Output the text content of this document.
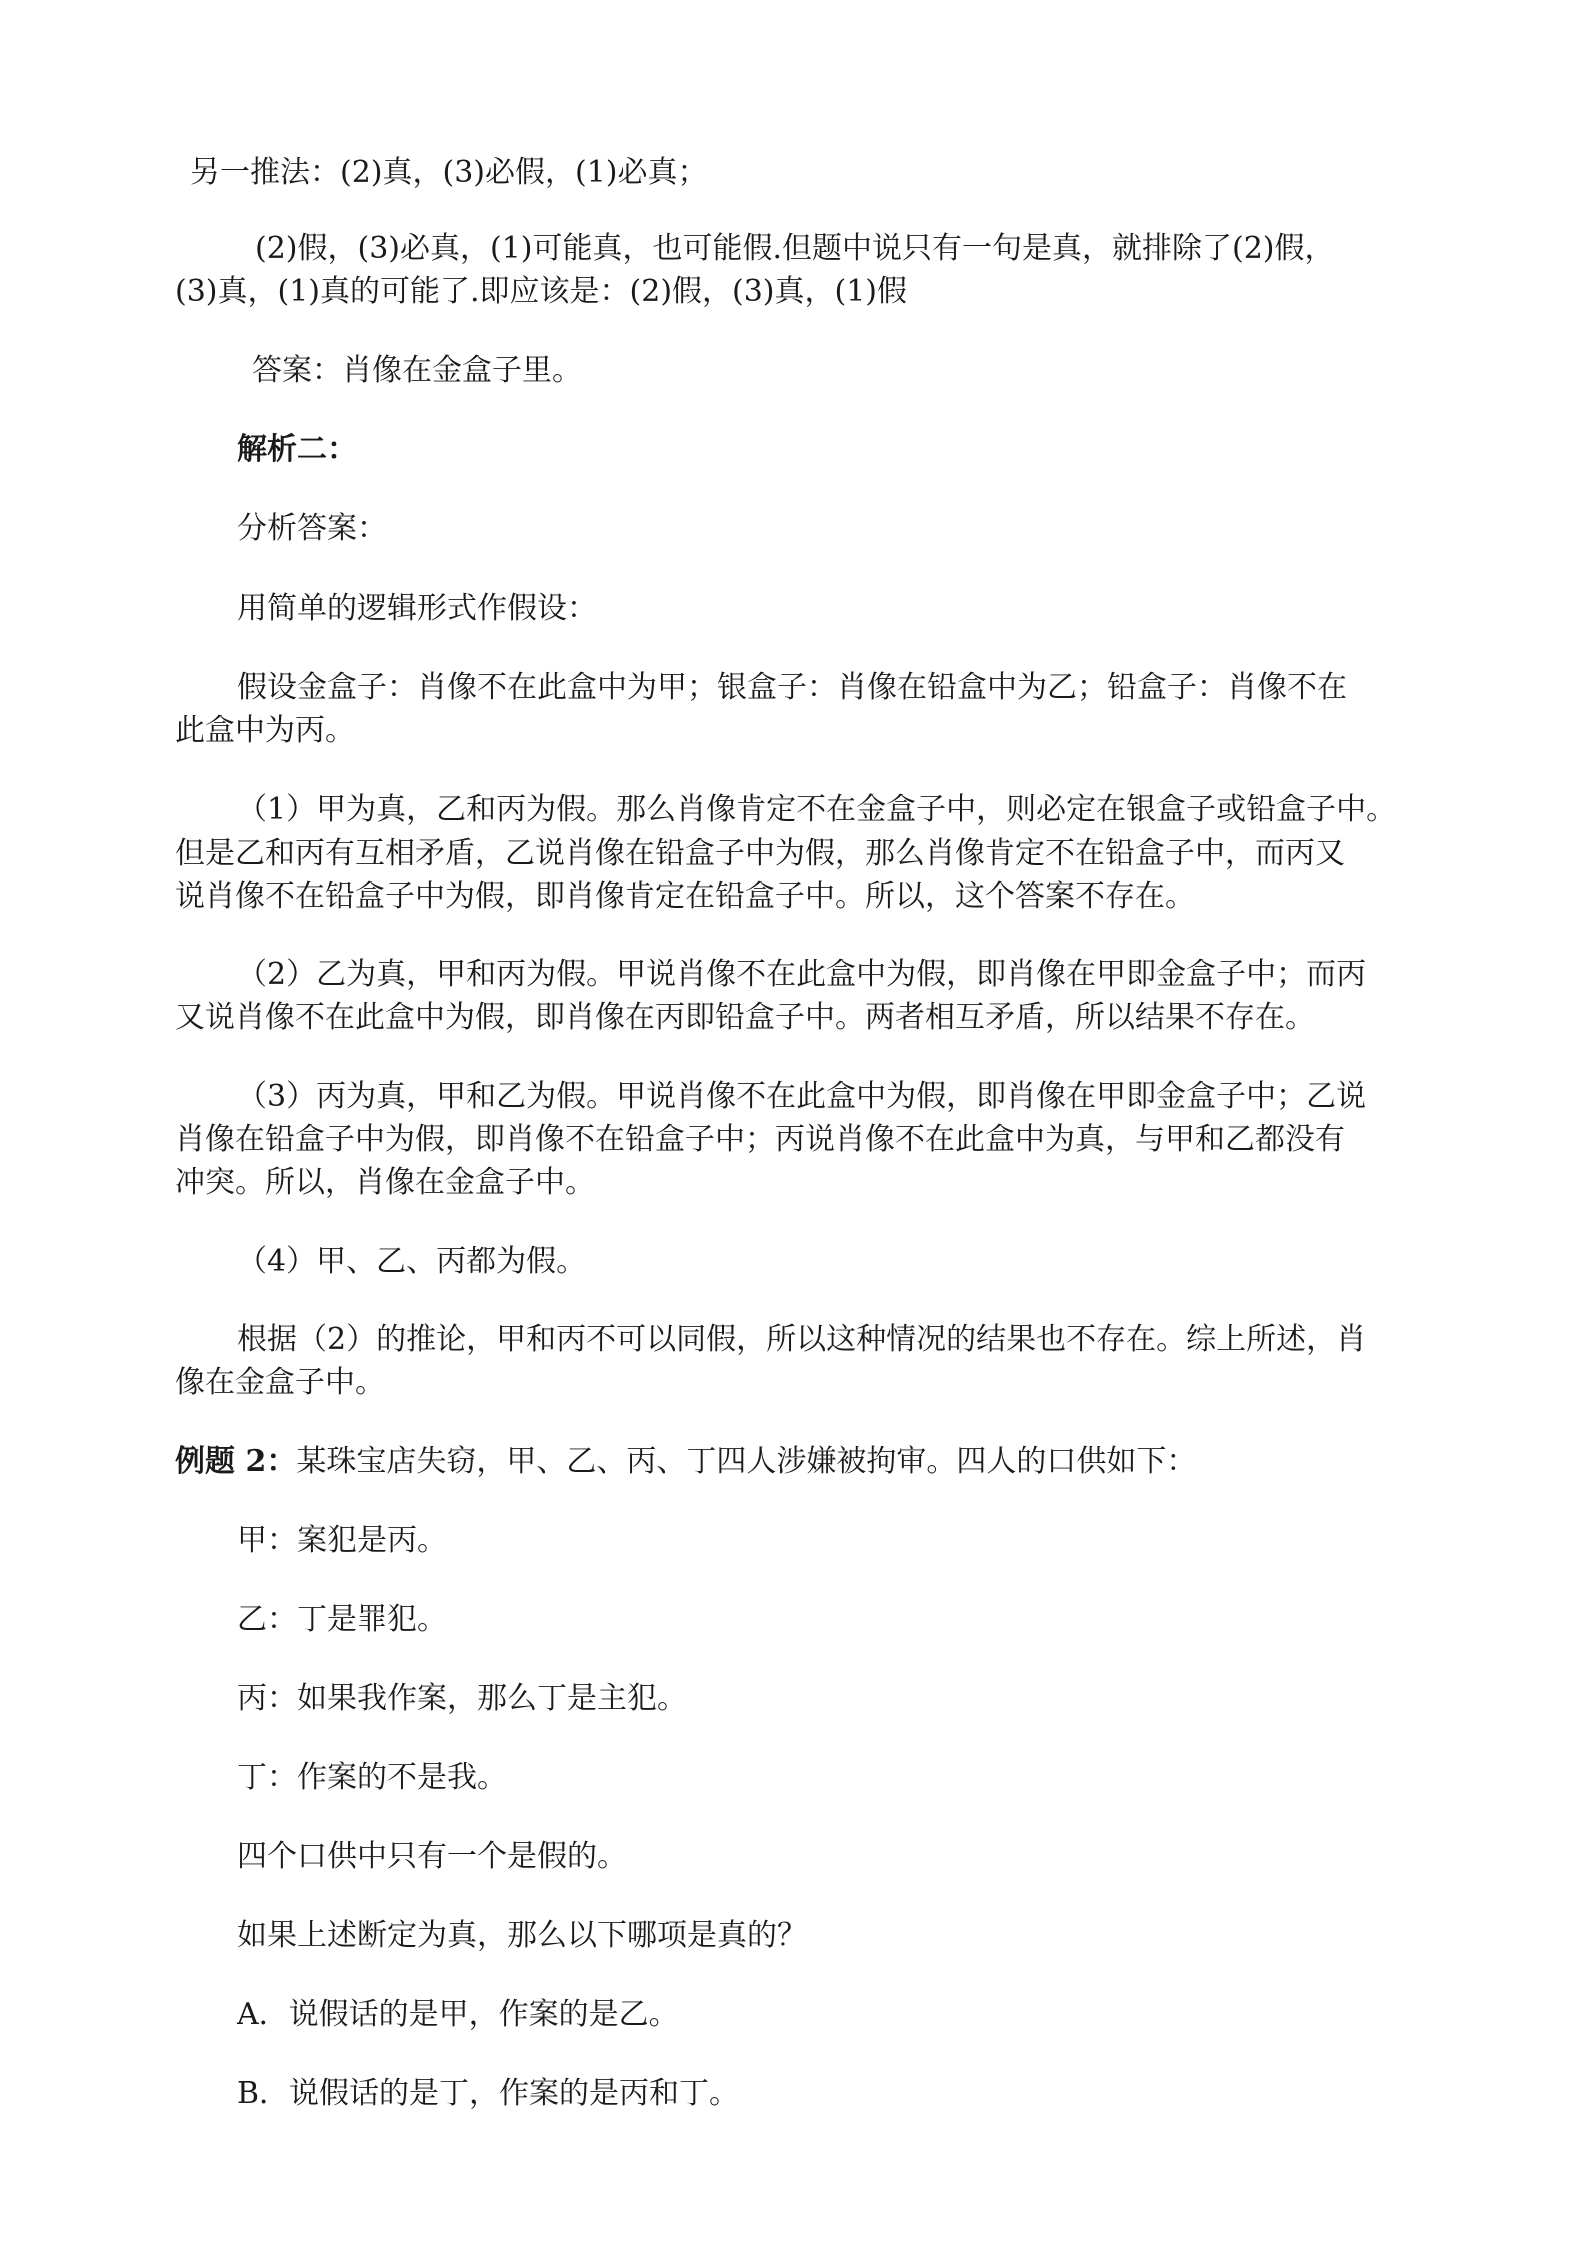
另一推法：(2)真，(3)必假，(1)必真；
(2)假，(3)必真，(1)可能真，也可能假.但题中说只有一句是真，就排除了(2)假，
(3)真，(1)真的可能了.即应该是：(2)假，(3)真，(1)假
答案：肖像在金盒子里。
解析二：
分析答案：
用简单的逻辑形式作假设：
假设金盒子：肖像不在此盒中为甲；银盒子：肖像在铅盒中为乙；铅盒子：肖像不在
此盒中为丙。
（1）甲为真，乙和丙为假。那么肖像肯定不在金盒子中，则必定在银盒子或铅盒子中。
但是乙和丙有互相矛盾，乙说肖像在铅盒子中为假，那么肖像肯定不在铅盒子中，而丙又
说肖像不在铅盒子中为假，即肖像肯定在铅盒子中。所以，这个答案不存在。
（2）乙为真，甲和丙为假。甲说肖像不在此盒中为假，即肖像在甲即金盒子中；而丙
又说肖像不在此盒中为假，即肖像在丙即铅盒子中。两者相互矛盾，所以结果不存在。
（3）丙为真，甲和乙为假。甲说肖像不在此盒中为假，即肖像在甲即金盒子中；乙说
肖像在铅盒子中为假，即肖像不在铅盒子中；丙说肖像不在此盒中为真，与甲和乙都没有
冲突。所以，肖像在金盒子中。
（4）甲、乙、丙都为假。
根据（2）的推论，甲和丙不可以同假，所以这种情况的结果也不存在。综上所述，肖
像在金盒子中。
例题 2：某珠宝店失窃，甲、乙、丙、丁四人涉嫌被拘审。四人的口供如下：
甲：案犯是丙。
乙：丁是罪犯。
丙：如果我作案，那么丁是主犯。
丁：作案的不是我。
四个口供中只有一个是假的。
如果上述断定为真，那么以下哪项是真的？
A．说假话的是甲，作案的是乙。
B．说假话的是丁，作案的是丙和丁。
